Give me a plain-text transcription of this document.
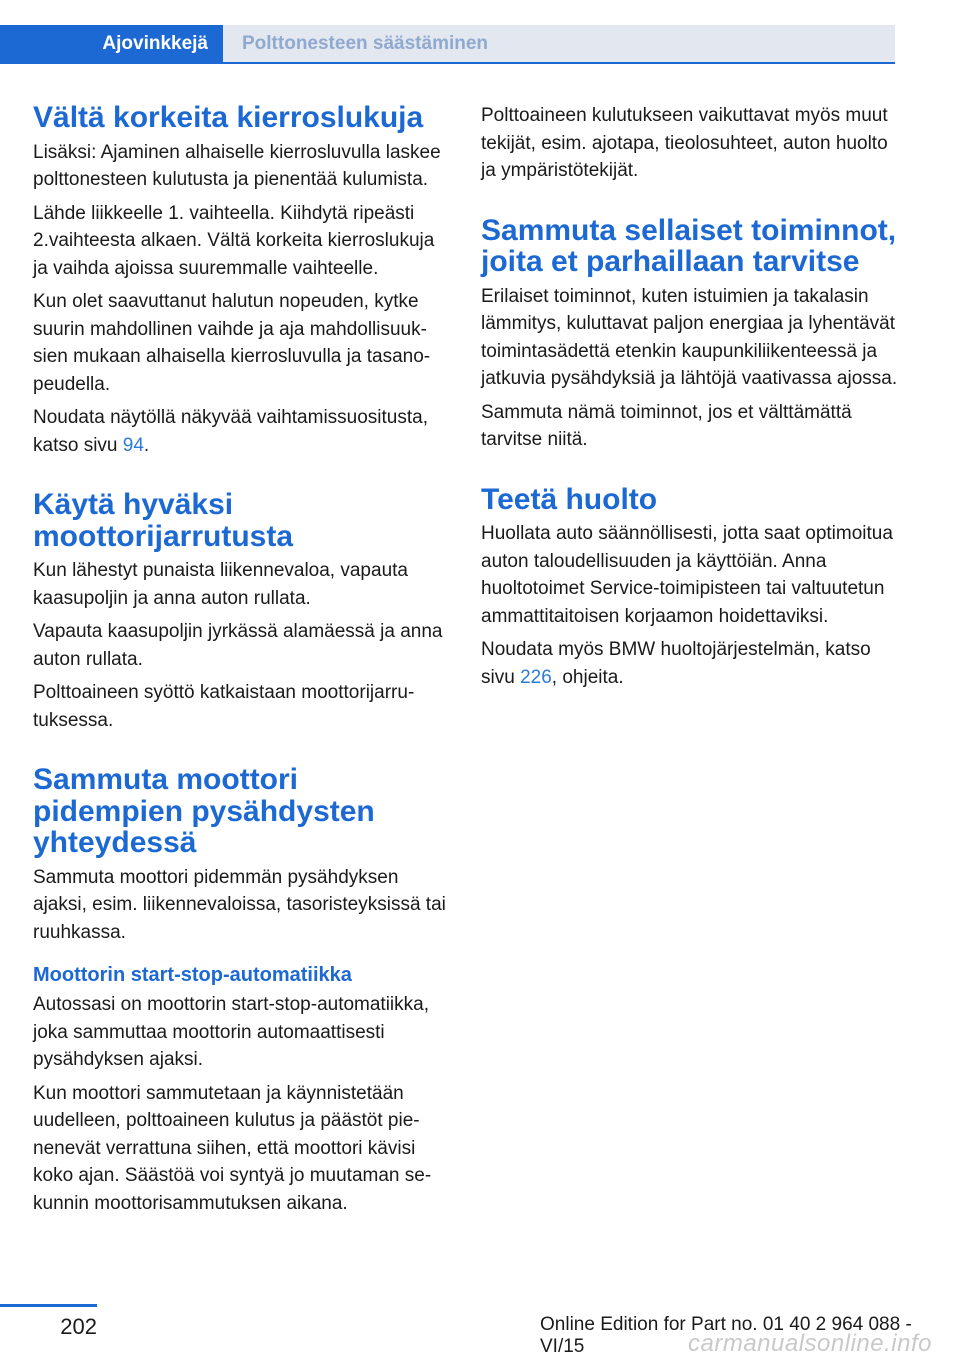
Ajovinkkejä	Polttonesteen säästäminen
Vältä korkeita kierroslukuja

Lisäksi: Ajaminen alhaiselle kierrosluvulla laskee polttonesteen kulutusta ja pienentää kulumista.

Lähde liikkeelle 1. vaihteella. Kiihdytä ripeästi 2.vaihteesta alkaen. Vältä korkeita kierroslukuja ja vaihda ajoissa suuremmalle vaihteelle.

Kun olet saavuttanut halutun nopeuden, kytke suurin mahdollinen vaihde ja aja mahdollisuuksien mukaan alhaisella kierrosluvulla ja tasanopeudella.

Noudata näytöllä näkyvää vaihtamissuositusta, katso sivu 94.

Käytä hyväksi moottorijarrutusta

Kun lähestyt punaista liikennevaloa, vapauta kaasupoljin ja anna auton rullata.

Vapauta kaasupoljin jyrkässä alamäessä ja anna auton rullata.

Polttoaineen syöttö katkaistaan moottorijarrutuksessa.

Sammuta moottori pidempien pysähdysten yhteydessä

Sammuta moottori pidemmän pysähdyksen ajaksi, esim. liikennevaloissa, tasoristeyksissä tai ruuhkassa.

Moottorin start-stop-automatiikka

Autossasi on moottorin start-stop-automatiikka, joka sammuttaa moottorin automaattisesti pysähdyksen ajaksi.

Kun moottori sammutetaan ja käynnistetään uudelleen, polttoaineen kulutus ja päästöt pienenevät verrattuna siihen, että moottori kävisi koko ajan. Säästöä voi syntyä jo muutaman sekunnin moottorisammutuksen aikana.

Polttoaineen kulutukseen vaikuttavat myös muut tekijät, esim. ajotapa, tieolosuhteet, auton huolto ja ympäristötekijät.

Sammuta sellaiset toiminnot, joita et parhaillaan tarvitse

Erilaiset toiminnot, kuten istuimien ja takalasin lämmitys, kuluttavat paljon energiaa ja lyhentävät toimintasädettä etenkin kaupunkiliikenteessä ja jatkuvia pysähdyksiä ja lähtöjä vaativassa ajossa.

Sammuta nämä toiminnot, jos et välttämättä tarvitse niitä.

Teetä huolto

Huollata auto säännöllisesti, jotta saat optimoitua auton taloudellisuuden ja käyttöiän. Anna huoltotoimet Service-toimipisteen tai valtuutetun ammattitaitoisen korjaamon hoidettaviksi.

Noudata myös BMW huoltojärjestelmän, katso sivu 226, ohjeita.

202	Online Edition for Part no. 01 40 2 964 088 - VI/15	carmanualsonline.info
